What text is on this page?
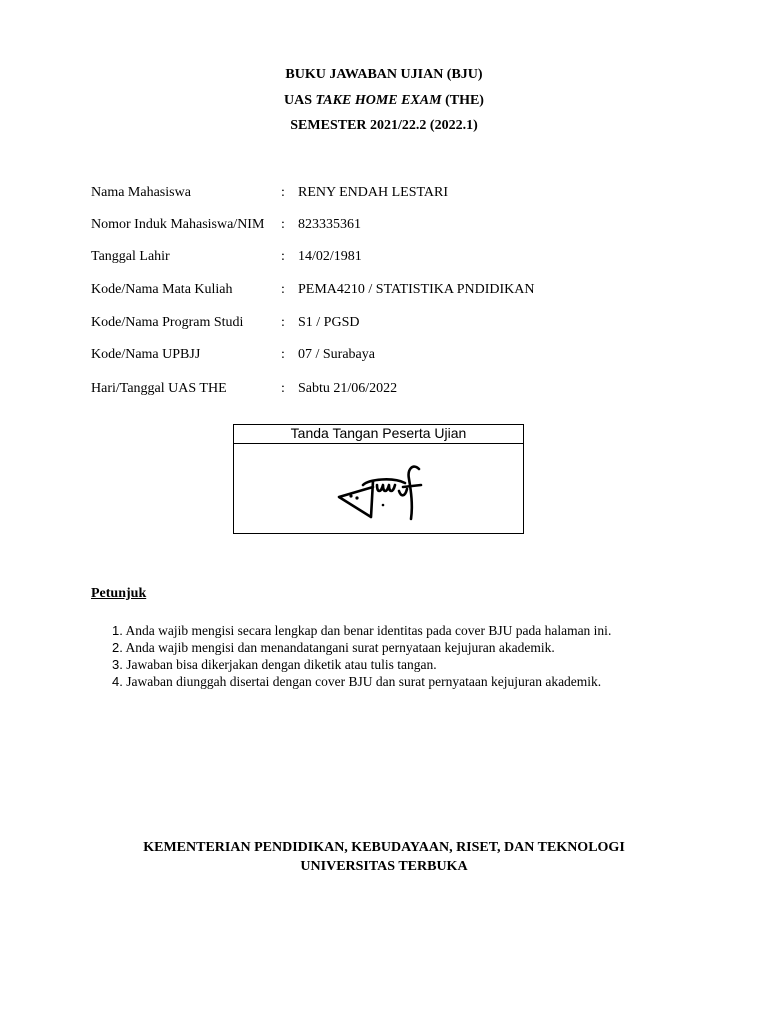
BUKU JAWABAN UJIAN (BJU)
UAS TAKE HOME EXAM (THE)
SEMESTER 2021/22.2 (2022.1)
Nama Mahasiswa	: RENY ENDAH LESTARI
Nomor Induk Mahasiswa/NIM : 823335361
Tanggal Lahir	: 14/02/1981
Kode/Nama Mata Kuliah	: PEMA4210 / STATISTIKA PNDIDIKAN
Kode/Nama Program Studi	: S1 / PGSD
Kode/Nama UPBJJ	: 07 / Surabaya
Hari/Tanggal UAS THE	: Sabtu 21/06/2022
Tanda Tangan Peserta Ujian
Petunjuk
1. Anda wajib mengisi secara lengkap dan benar identitas pada cover BJU pada halaman ini.
2. Anda wajib mengisi dan menandatangani surat pernyataan kejujuran akademik.
3. Jawaban bisa dikerjakan dengan diketik atau tulis tangan.
4. Jawaban diunggah disertai dengan cover BJU dan surat pernyataan kejujuran akademik.
KEMENTERIAN PENDIDIKAN, KEBUDAYAAN, RISET, DAN TEKNOLOGI
UNIVERSITAS TERBUKA
